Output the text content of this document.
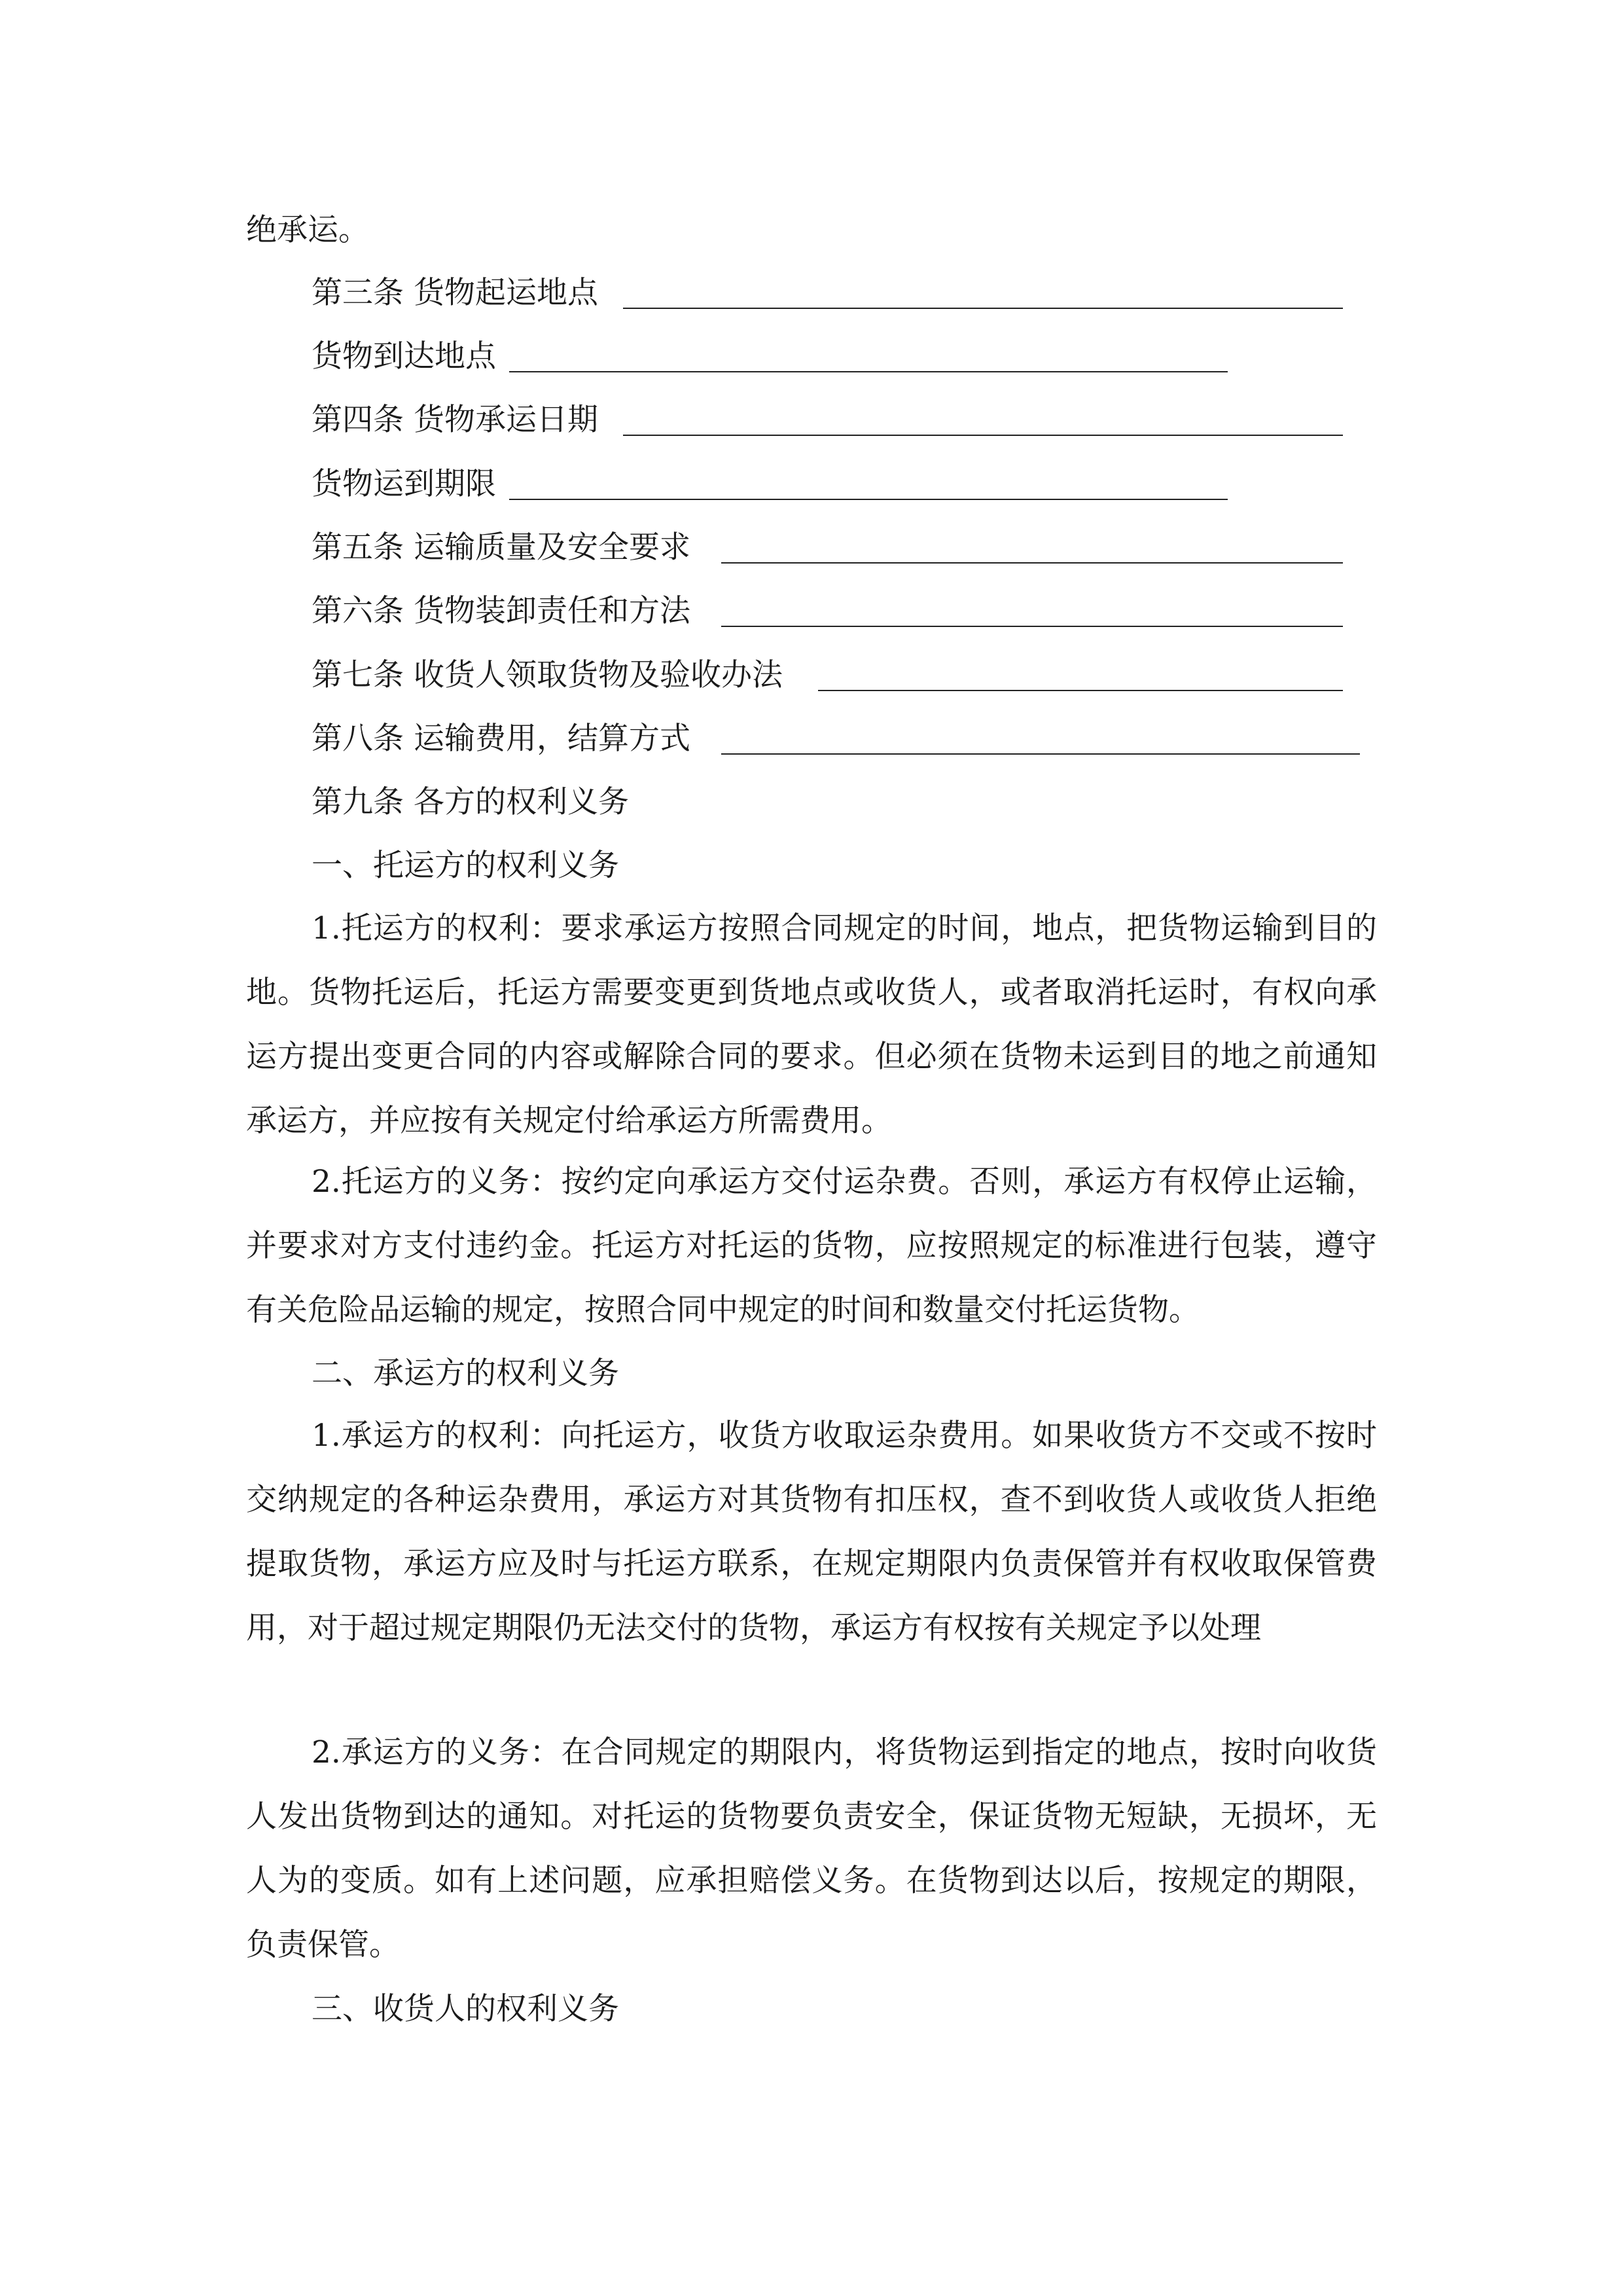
绝承运。
第三条 货物起运地点
货物到达地点
第四条 货物承运日期
货物运到期限
第五条 运输质量及安全要求
第六条 货物装卸责任和方法
第七条 收货人领取货物及验收办法
第八条 运输费用，结算方式
第九条 各方的权利义务
一、托运方的权利义务
1.托运方的权利：要求承运方按照合同规定的时间，地点，把货物运输到目的地。货物托运后，托运方需要变更到货地点或收货人，或者取消托运时，有权向承运方提出变更合同的内容或解除合同的要求。但必须在货物未运到目的地之前通知承运方，并应按有关规定付给承运方所需费用。
2.托运方的义务：按约定向承运方交付运杂费。否则，承运方有权停止运输，并要求对方支付违约金。托运方对托运的货物，应按照规定的标准进行包装，遵守有关危险品运输的规定，按照合同中规定的时间和数量交付托运货物。
二、承运方的权利义务
1.承运方的权利：向托运方，收货方收取运杂费用。如果收货方不交或不按时交纳规定的各种运杂费用，承运方对其货物有扣压权，查不到收货人或收货人拒绝提取货物，承运方应及时与托运方联系，在规定期限内负责保管并有权收取保管费用，对于超过规定期限仍无法交付的货物，承运方有权按有关规定予以处理
2.承运方的义务：在合同规定的期限内，将货物运到指定的地点，按时向收货人发出货物到达的通知。对托运的货物要负责安全，保证货物无短缺，无损坏，无人为的变质。如有上述问题，应承担赔偿义务。在货物到达以后，按规定的期限，负责保管。
三、收货人的权利义务
